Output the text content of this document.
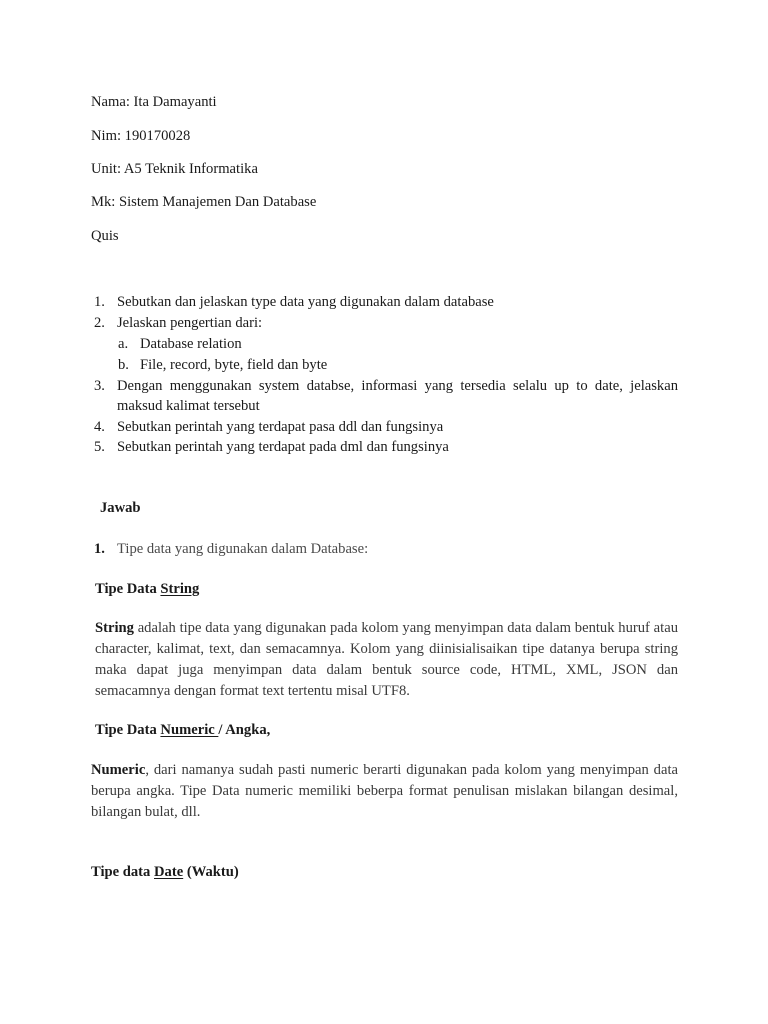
Nama: Ita Damayanti
Nim: 190170028
Unit: A5 Teknik Informatika
Mk: Sistem Manajemen Dan Database
Quis
1. Sebutkan dan jelaskan type data yang digunakan dalam database
2. Jelaskan pengertian dari:
a. Database relation
b. File, record, byte, field dan byte
3. Dengan menggunakan system databse, informasi yang tersedia selalu up to date, jelaskan
maksud kalimat tersebut
4. Sebutkan perintah yang terdapat pasa ddl dan fungsinya
5. Sebutkan perintah yang terdapat pada dml dan fungsinya
Jawab
1. Tipe data yang digunakan dalam Database:
Tipe Data String
String adalah tipe data yang digunakan pada kolom yang menyimpan data dalam bentuk huruf atau character, kalimat, text, dan semacamnya. Kolom yang diinisialisaikan tipe datanya berupa string maka dapat juga menyimpan data dalam bentuk source code, HTML, XML, JSON dan semacamnya dengan format text tertentu misal UTF8.
Tipe Data Numeric / Angka,
Numeric, dari namanya sudah pasti numeric berarti digunakan pada kolom yang menyimpan data berupa angka. Tipe Data numeric memiliki beberpa format penulisan mislakan bilangan desimal, bilangan bulat, dll.
Tipe data Date (Waktu)
